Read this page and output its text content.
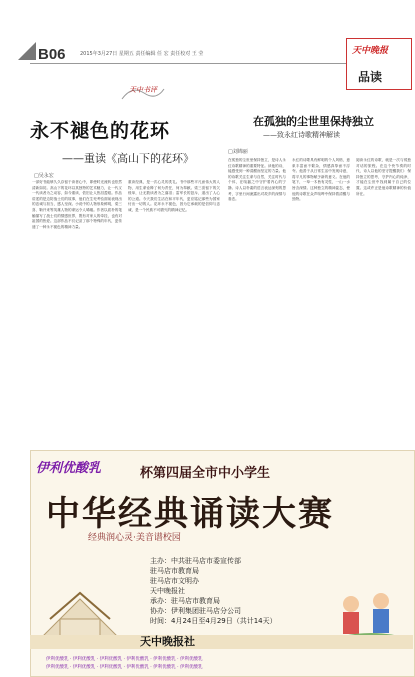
B06	2015年3月27日 星期五 责任编辑 任 宏 责任校对 王 莹	天中晚报
品读
天中书评
永不褪色的花环
——重读《高山下的花环》
□吴永宏
一部好书能够久久存留于读者心中，即使时光流转也依然清新如初。高山下的花环以其独特的艺术魅力，让一代又一代读者为之动容，如今重读，依旧让人热泪盈眶。作品讲述的是边防战士们的故事，他们在生死考验面前表现出的忠诚与担当，感人至深。小说中的人物形象鲜明，梁三喜、靳开来等英雄人物的命运令人唏嘘。作者以质朴的笔触描写了战士们的情感世界，既有对家人的牵挂，也有对祖国的热爱。这部作品不仅记录了那个特殊的年代，更传递了一种永不褪色的精神力量。
重读经典，是一次心灵的洗礼。书中那些平凡而伟大的人物，用生命诠释了何为责任，何为奉献。梁三喜留下的欠账单，让无数读者为之落泪；雷军长的怒斥，道出了人心的公道。今天我们生活在和平年代，更应铭记那些为国家付出一切的人。花环永不褪色，因为它承载的是信仰与忠诚，是一个民族不可磨灭的精神记忆。
在孤独的尘世里保持独立
——致永红诗歌精神解读
□刘锦丽
在孤独的尘世里保持独立，是诗人永红诗歌精神的重要特征。读他的诗，能感受到一种清醒而坚定的力量。他的诗歌关注生命与自然，关注时代与个体，在喧嚣之中守护着内心的宁静。诗人以朴素的语言表达深刻的思考，字里行间流露出对故乡的深情与眷恋。
永红的诗歌具有鲜明的个人风格，意象丰富而不繁杂，情感真挚而不浮夸。他善于从日常生活中发现诗意，将平凡的事物赋予新的意义。在他的笔下，一草一木皆有灵性，一山一水皆含深情。这种独立的精神姿态，使他的诗歌在众声喧哗中保持着清醒与独特。
阅读永红的诗歌，就是一次与孤独对话的旅程。在这个快节奏的时代，诗人以他的坚守提醒我们：保持独立的思考，守护内心的纯净，才能在尘世中找到属于自己的位置。这或许正是他诗歌精神的价值所在。
伊利优酸乳	杯第四届全市中小学生
中华经典诵读大赛
经典润心灵·美音谱校园
主办：中共驻马店市委宣传部
驻马店市教育局
驻马店市文明办
天中晚报社
承办：驻马店市教育局
协办：伊利集团驻马店分公司
时间：4月24日至4月29日（共计14天）
天中晚报社
伊利优酸乳 · 伊利优酸乳 · 伊利优酸乳 · 伊利优酸乳 · 伊利优酸乳 · 伊利优酸乳
伊利优酸乳 · 伊利优酸乳 · 伊利优酸乳 · 伊利优酸乳 · 伊利优酸乳 · 伊利优酸乳
